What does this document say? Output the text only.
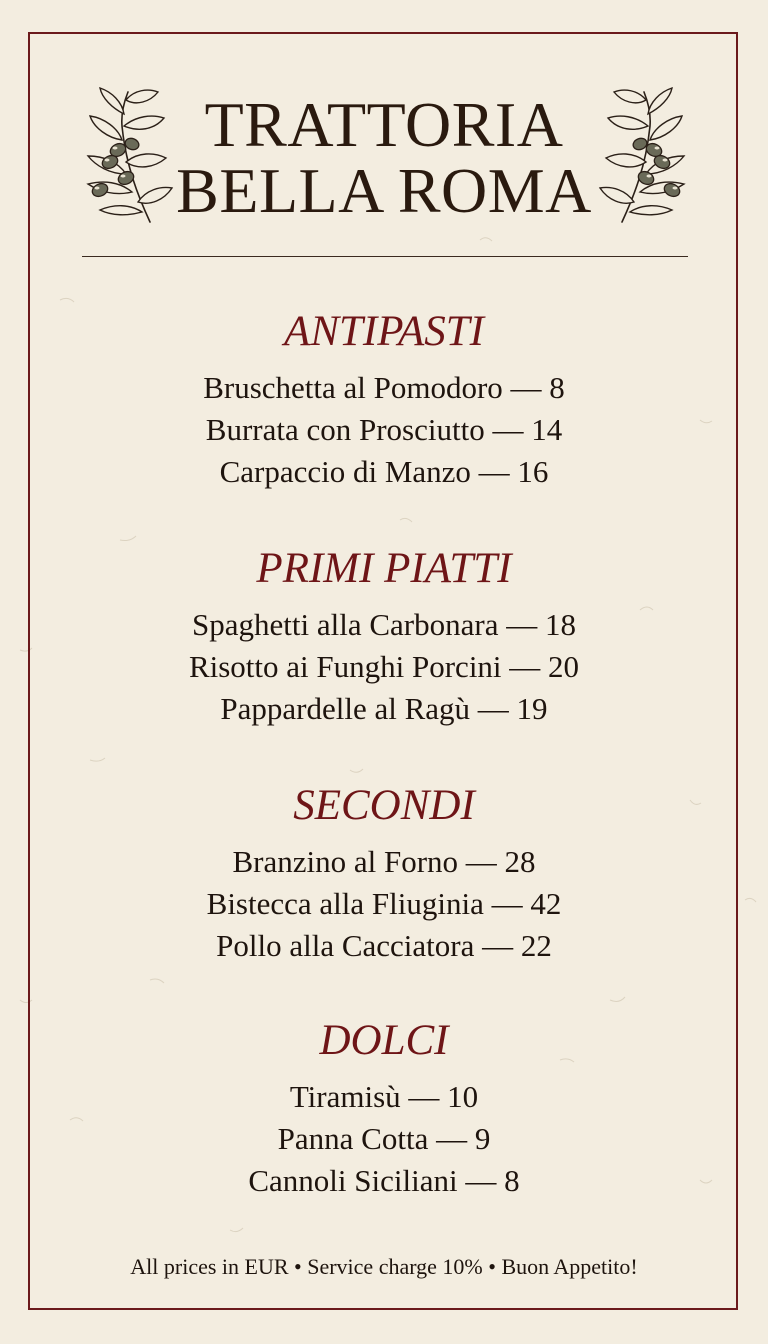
TRATTORIA
BELLA ROMA
ANTIPASTI
Bruschetta al Pomodoro — 8
Burrata con Prosciutto — 14
Carpaccio di Manzo — 16
PRIMI PIATTI
Spaghetti alla Carbonara — 18
Risotto ai Funghi Porcini — 20
Pappardelle al Ragù — 19
SECONDI
Branzino al Forno — 28
Bistecca alla Fliuginia — 42
Pollo alla Cacciatora — 22
DOLCI
Tiramisù — 10
Panna Cotta — 9
Cannoli Siciliani — 8
All prices in EUR • Service charge 10% • Buon Appetito!
